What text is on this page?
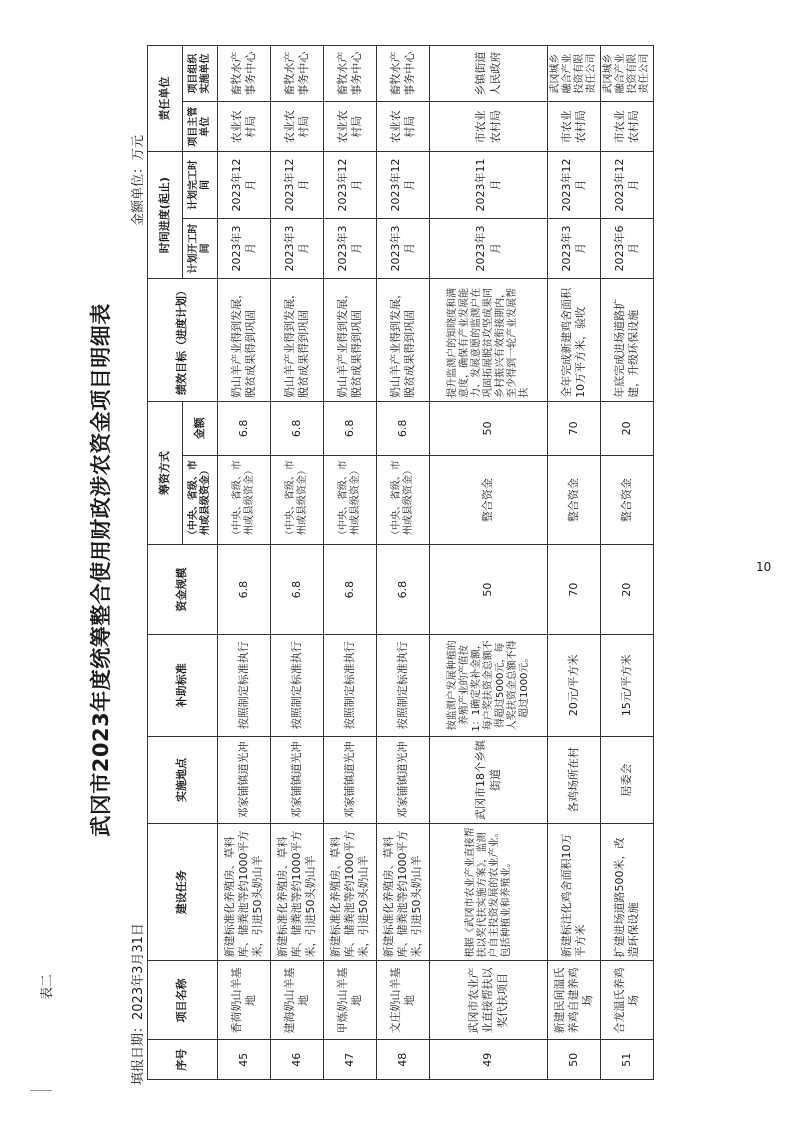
表二
10
武冈市2023年度统筹整合使用财政涉农资金项目明细表
填报日期：2023年3月31日
金额单位：万元
序号	项目名称	建设任务	实施地点	补助标准	资金规模	筹资方式		绩效目标（进度计划）	时间进度(起止)		责任单位	
						（中央、省级、市州或县级资金）	金额		计划开工时间	计划完工时间	项目主管单位	项目组织实施单位
45	香荷奶山羊基地	新建标准化养殖房、草料库、储粪池等约1000平方米，引进50头奶山羊	邓家铺镇道光冲	按照制定标准执行	6.8	（中央、省级、市州或县级资金）	6.8	奶山羊产业得到发展，脱贫成果得到巩固	2023年3月	2023年12月	农业农村局	畜牧水产事务中心
46	建海奶山羊基地	新建标准化养殖房、草料库、储粪池等约1000平方米，引进50头奶山羊	邓家铺镇道光冲	按照制定标准执行	6.8	（中央、省级、市州或县级资金）	6.8	奶山羊产业得到发展，脱贫成果得到巩固	2023年3月	2023年12月	农业农村局	畜牧水产事务中心
47	甲炼奶山羊基地	新建标准化养殖房、草料库、储粪池等约1000平方米，引进50头奶山羊	邓家铺镇道光冲	按照制定标准执行	6.8	（中央、省级、市州或县级资金）	6.8	奶山羊产业得到发展，脱贫成果得到巩固	2023年3月	2023年12月	农业农村局	畜牧水产事务中心
48	文庄奶山羊基地	新建标准化养殖房、草料库、储粪池等约1000平方米，引进50头奶山羊	邓家铺镇道光冲	按照制定标准执行	6.8	（中央、省级、市州或县级资金）	6.8	奶山羊产业得到发展，脱贫成果得到巩固	2023年3月	2023年12月	农业农村局	畜牧水产事务中心
49	武冈市农业产业直接帮扶以奖代扶项目	根据《武冈市农业产业直接帮扶以奖代扶实施方案》，监测户自主投资发展的农业产业。包括种植业和养殖业。	武冈市18个乡镇街道	按监测户发展种植的养殖产业的产值按1：1确定奖补金额，每户奖扶资金总额不得超过5000元，每人奖扶资金总额不得超过1000元。	50	整合资金	50	提升监测户的知晓度和满意度，确保有产业发展能力、发展意愿的监测户在巩固拓展脱贫攻坚成果同乡村振兴有效衔接期内，至少得到一轮产业发展帮扶	2023年3月	2023年11月	市农业农村局	乡镇街道人民政府
50	新建民间温氏养鸡自建养鸡场	新建标注化鸡舍面积10万平方米	各鸡场所在村	20元/平方米	70	整合资金	70	全年完成新建鸡舍面积10万平方米，验收	2023年3月	2023年12月	市农业农村局	武冈城乡融合产业投资有限责任公司
51	合龙温氏养鸡场	扩建进场道路500米，改造环保设施	居委会	15元/平方米	20	整合资金	20	年底完成进场道路扩建，升级环保设施	2023年6月	2023年12月	市农业农村局	武冈城乡融合产业投资有限责任公司
